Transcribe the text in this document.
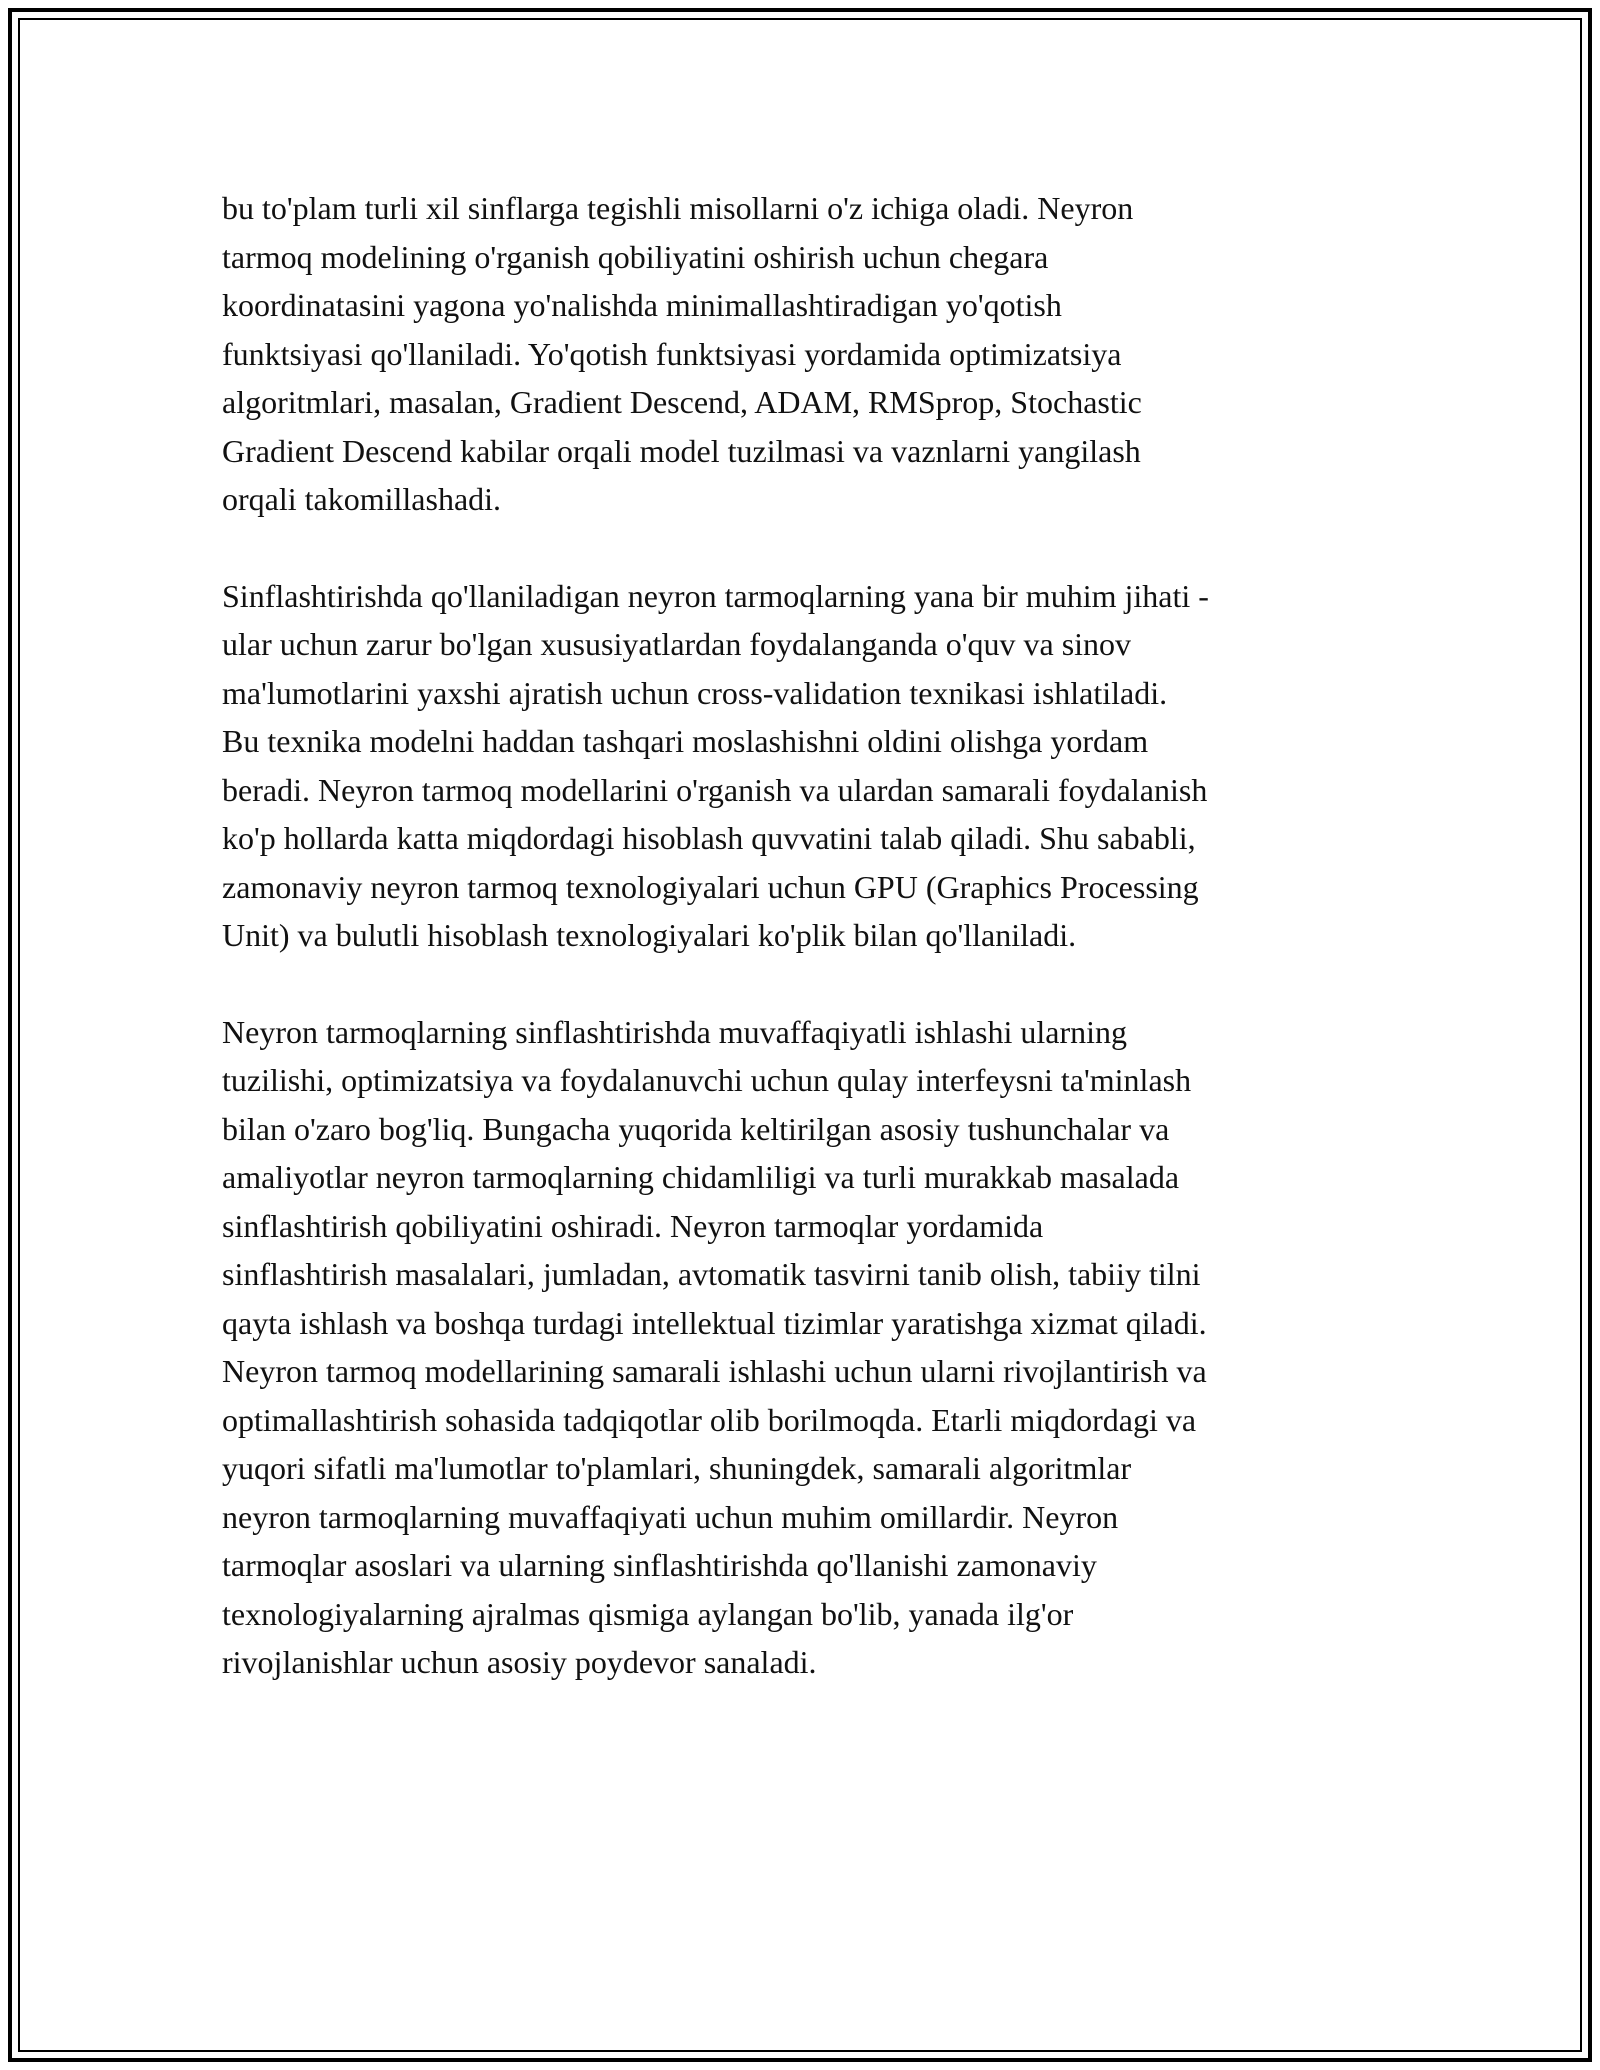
bu to'plam turli xil sinflarga tegishli misollarni o'z ichiga oladi. Neyron
tarmoq modelining o'rganish qobiliyatini oshirish uchun chegara
koordinatasini yagona yo'nalishda minimallashtiradigan yo'qotish
funktsiyasi qo'llaniladi. Yo'qotish funktsiyasi yordamida optimizatsiya
algoritmlari, masalan, Gradient Descend, ADAM, RMSprop, Stochastic
Gradient Descend kabilar orqali model tuzilmasi va vaznlarni yangilash
orqali takomillashadi.
Sinflashtirishda qo'llaniladigan neyron tarmoqlarning yana bir muhim jihati -
ular uchun zarur bo'lgan xususiyatlardan foydalanganda o'quv va sinov
ma'lumotlarini yaxshi ajratish uchun cross-validation texnikasi ishlatiladi.
Bu texnika modelni haddan tashqari moslashishni oldini olishga yordam
beradi. Neyron tarmoq modellarini o'rganish va ulardan samarali foydalanish
ko'p hollarda katta miqdordagi hisoblash quvvatini talab qiladi. Shu sababli,
zamonaviy neyron tarmoq texnologiyalari uchun GPU (Graphics Processing
Unit) va bulutli hisoblash texnologiyalari ko'plik bilan qo'llaniladi.
Neyron tarmoqlarning sinflashtirishda muvaffaqiyatli ishlashi ularning
tuzilishi, optimizatsiya va foydalanuvchi uchun qulay interfeysni ta'minlash
bilan o'zaro bog'liq. Bungacha yuqorida keltirilgan asosiy tushunchalar va
amaliyotlar neyron tarmoqlarning chidamliligi va turli murakkab masalada
sinflashtirish qobiliyatini oshiradi. Neyron tarmoqlar yordamida
sinflashtirish masalalari, jumladan, avtomatik tasvirni tanib olish, tabiiy tilni
qayta ishlash va boshqa turdagi intellektual tizimlar yaratishga xizmat qiladi.
Neyron tarmoq modellarining samarali ishlashi uchun ularni rivojlantirish va
optimallashtirish sohasida tadqiqotlar olib borilmoqda. Etarli miqdordagi va
yuqori sifatli ma'lumotlar to'plamlari, shuningdek, samarali algoritmlar
neyron tarmoqlarning muvaffaqiyati uchun muhim omillardir. Neyron
tarmoqlar asoslari va ularning sinflashtirishda qo'llanishi zamonaviy
texnologiyalarning ajralmas qismiga aylangan bo'lib, yanada ilg'or
rivojlanishlar uchun asosiy poydevor sanaladi.
